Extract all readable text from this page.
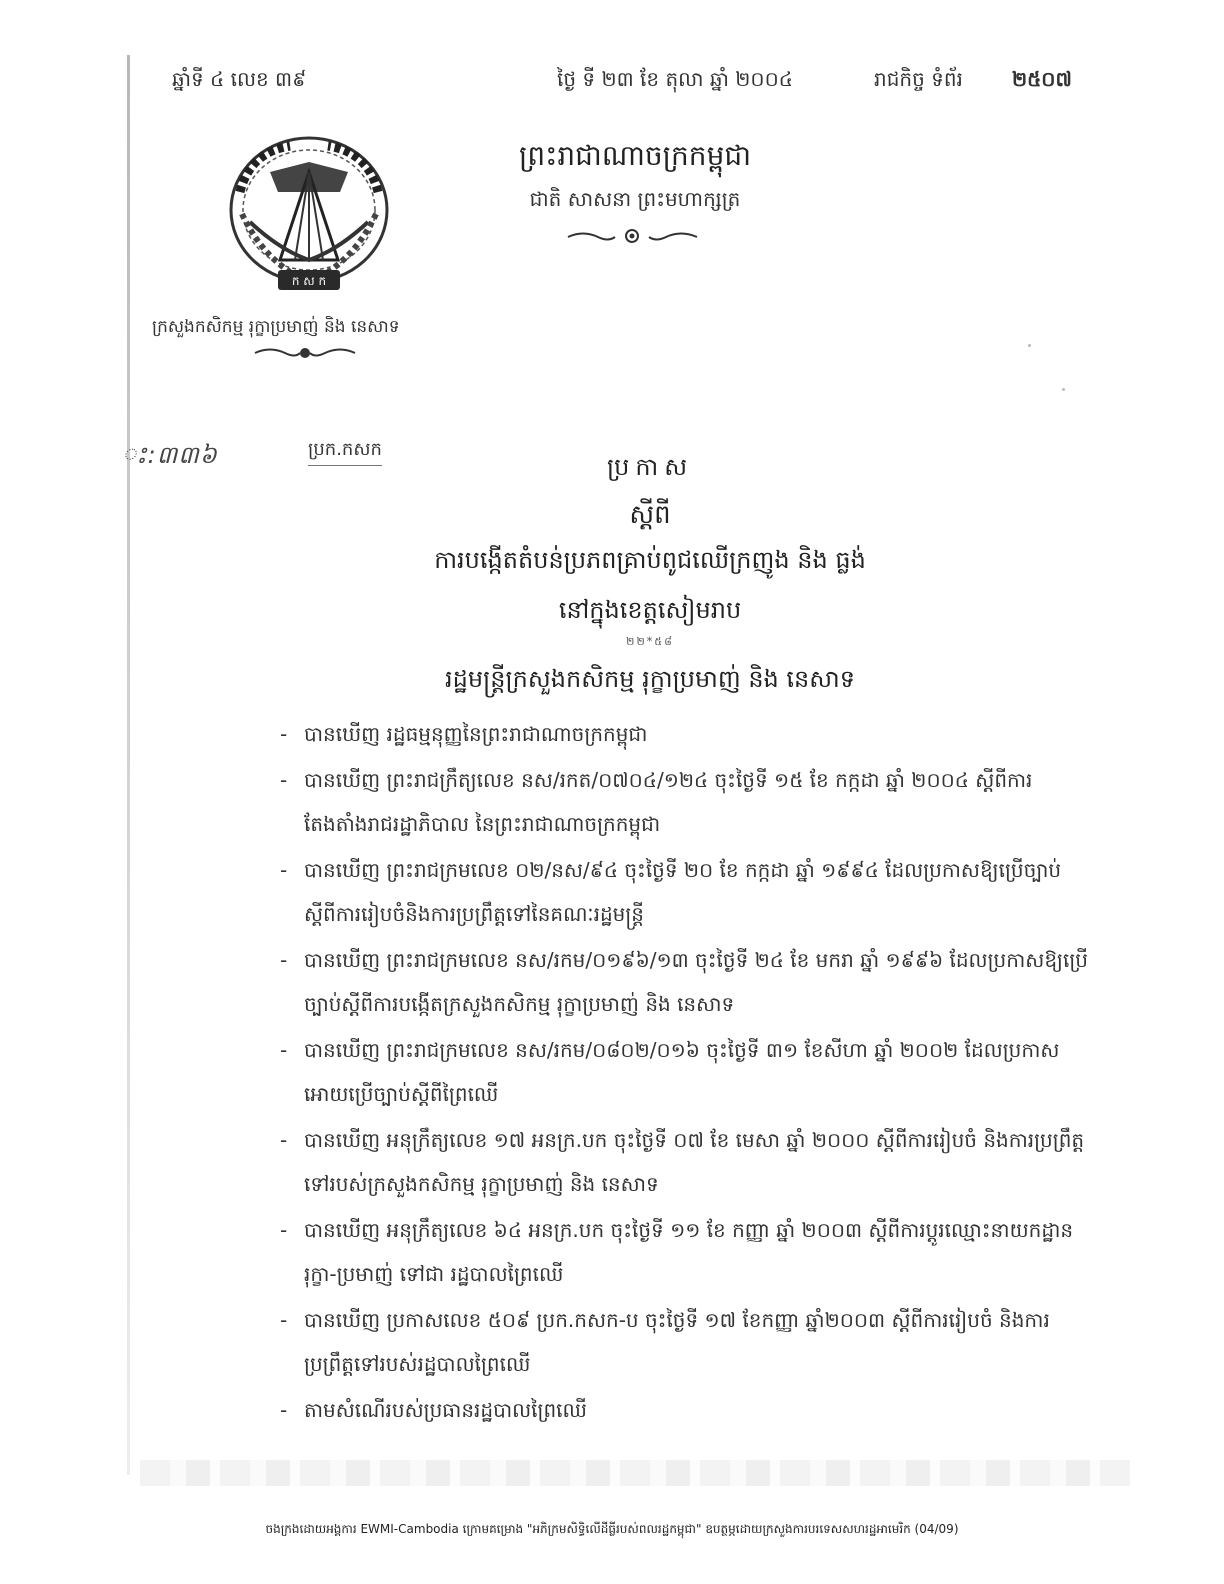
ឆ្នាំទី ៤ លេខ ៣៩	ថ្ងៃ ទី ២៣ ខែ តុលា ឆ្នាំ ២០០៤	រាជកិច្ច ទំព័រ ២៥០៧
ក ស ក
ក្រសួងកសិកម្ម រុក្ខាប្រមាញ់ និង នេសាទ
ព្រះរាជាណាចក្រកម្ពុជា
ជាតិ សាសនា ព្រះមហាក្សត្រ
ះ:៣៣៦	ប្រក.កសក
ប្រកាស
ស្តីពី
ការបង្កើតតំបន់ប្រភពគ្រាប់ពូជឈើក្រញូង និង ធ្លង់
នៅក្នុងខេត្តសៀមរាប
២២*៥៨
រដ្ឋមន្ត្រីក្រសួងកសិកម្ម រុក្ខាប្រមាញ់ និង នេសាទ
- បានឃើញ រដ្ឋធម្មនុញ្ញនៃព្រះរាជាណាចក្រកម្ពុជា
- បានឃើញ ព្រះរាជក្រឹត្យលេខ នស/រកត/០៧០៤/១២៤ ចុះថ្ងៃទី ១៥ ខែ កក្កដា ឆ្នាំ ២០០៤ ស្តីពីការតែងតាំងរាជរដ្ឋាភិបាល នៃព្រះរាជាណាចក្រកម្ពុជា
- បានឃើញ ព្រះរាជក្រមលេខ ០២/នស/៩៤ ចុះថ្ងៃទី ២០ ខែ កក្កដា ឆ្នាំ ១៩៩៤ ដែលប្រកាសឱ្យប្រើច្បាប់ស្តីពីការរៀបចំនិងការប្រព្រឹត្តទៅនៃគណៈរដ្ឋមន្ត្រី
- បានឃើញ ព្រះរាជក្រមលេខ នស/រកម/០១៩៦/១៣ ចុះថ្ងៃទី ២៤ ខែ មករា ឆ្នាំ ១៩៩៦ ដែលប្រកាសឱ្យប្រើច្បាប់ស្តីពីការបង្កើតក្រសួងកសិកម្ម រុក្ខាប្រមាញ់ និង នេសាទ
- បានឃើញ ព្រះរាជក្រមលេខ នស/រកម/០៨០២/០១៦ ចុះថ្ងៃទី ៣១ ខែសីហា ឆ្នាំ ២០០២ ដែលប្រកាសអោយប្រើច្បាប់ស្តីពីព្រៃឈើ
- បានឃើញ អនុក្រឹត្យលេខ ១៧ អនក្រ.បក ចុះថ្ងៃទី ០៧ ខែ មេសា ឆ្នាំ ២០០០ ស្តីពីការរៀបចំ និងការប្រព្រឹត្តទៅរបស់ក្រសួងកសិកម្ម រុក្ខាប្រមាញ់ និង នេសាទ
- បានឃើញ អនុក្រឹត្យលេខ ៦៤ អនក្រ.បក ចុះថ្ងៃទី ១១ ខែ កញ្ញា ឆ្នាំ ២០០៣ ស្តីពីការប្តូរឈ្មោះនាយកដ្ឋាន រុក្ខា-ប្រមាញ់ ទៅជា រដ្ឋបាលព្រៃឈើ
- បានឃើញ ប្រកាសលេខ ៥០៩ ប្រក.កសក-ប ចុះថ្ងៃទី ១៧ ខែកញ្ញា ឆ្នាំ២០០៣ ស្តីពីការរៀបចំ និងការប្រព្រឹត្តទៅរបស់រដ្ឋបាលព្រៃឈើ
- តាមសំណើរបស់ប្រធានរដ្ឋបាលព្រៃឈើ
ចងក្រងដោយអង្គការ EWMI-Cambodia ក្រោមគម្រោង "អភិក្រមសិទ្ធិលើដីធ្លីរបស់ពលរដ្ឋកម្ពុជា" ឧបត្ថម្ភដោយក្រសួងការបរទេសសហរដ្ឋអាមេរិក (04/09)
